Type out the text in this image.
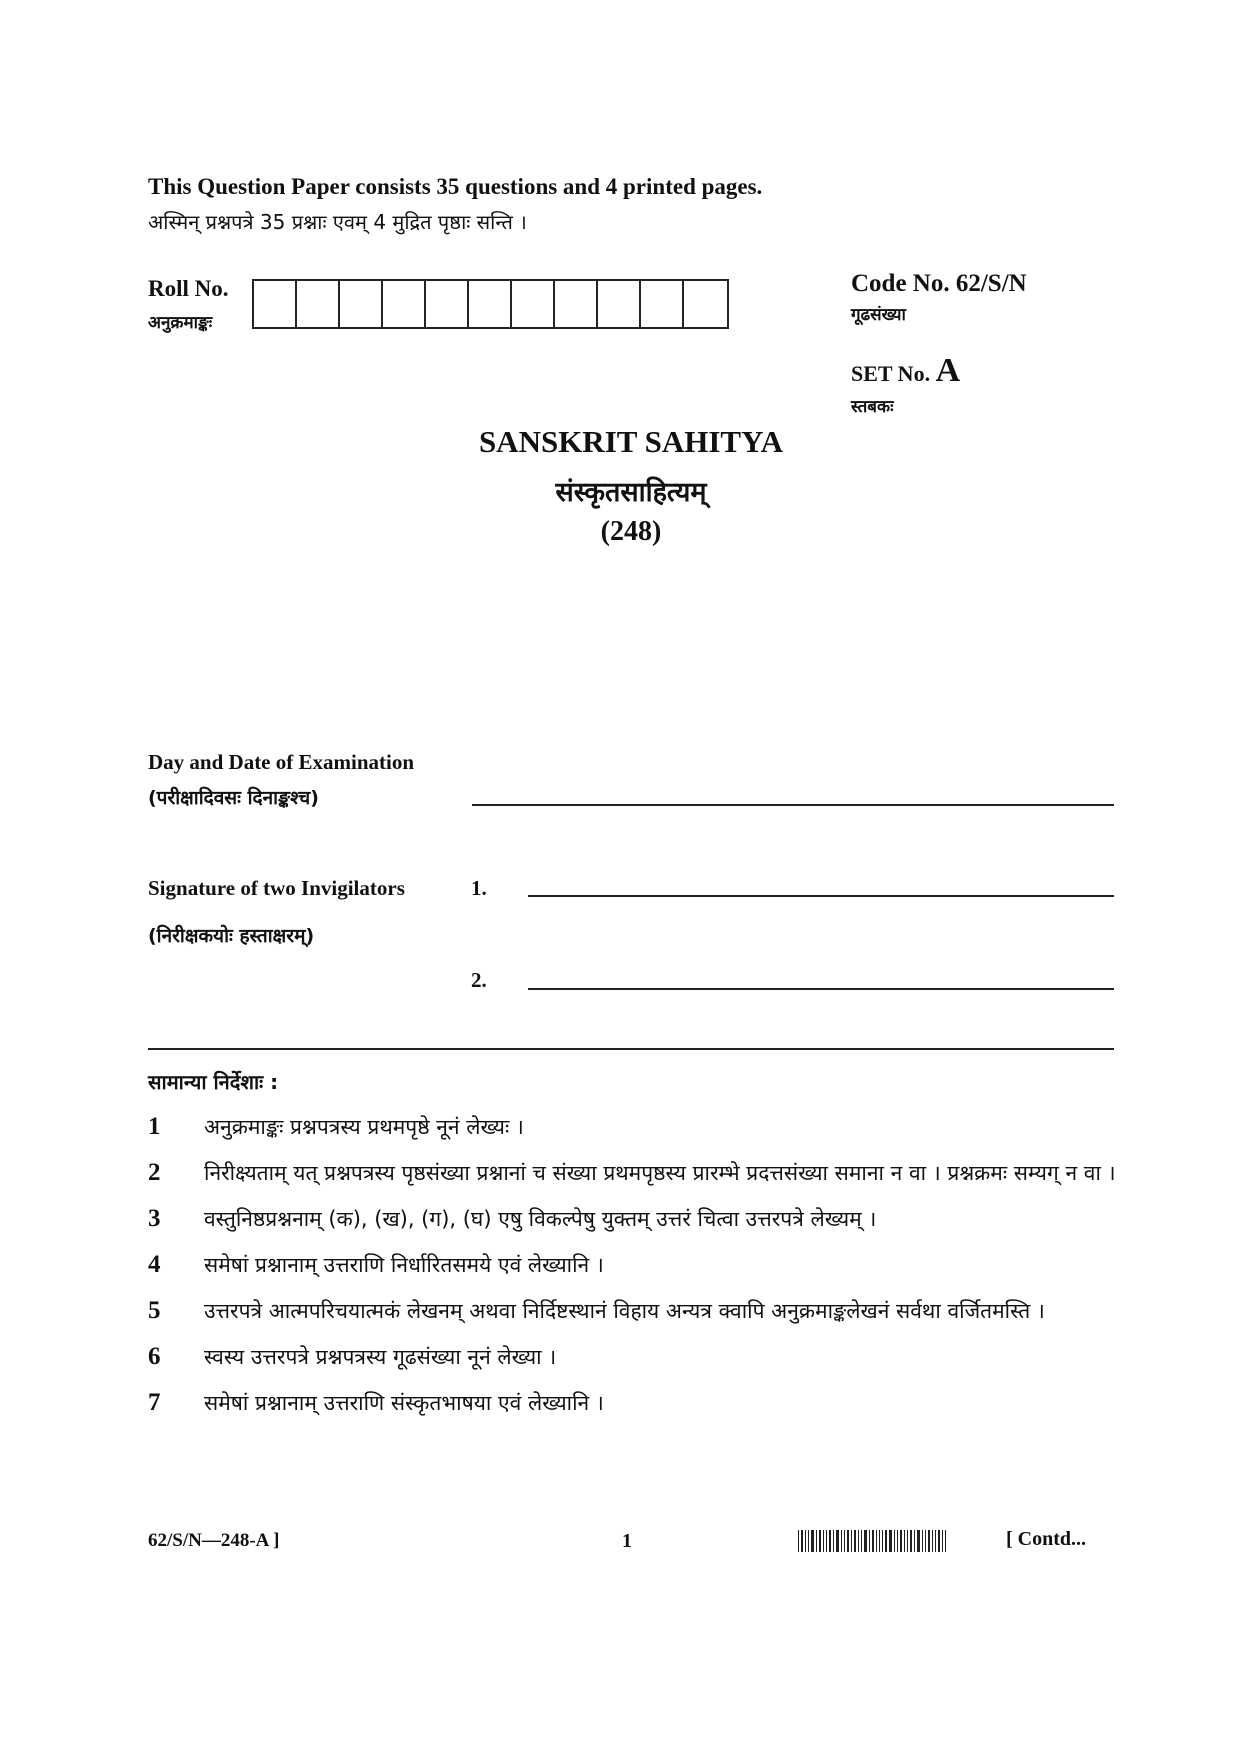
This Question Paper consists 35 questions and 4 printed pages.
अस्मिन् प्रश्नपत्रे 35 प्रश्नाः एवम् 4 मुद्रित पृष्ठाः सन्ति ।
Roll No.
अनुक्रमाङ्कः
Code No. 62/S/N
गूढसंख्या
SET No. A
स्तबकः
SANSKRIT SAHITYA
संस्कृतसाहित्यम्
(248)
Day and Date of Examination
(परीक्षादिवसः दिनाङ्कश्च)
Signature of two Invigilators	1.
(निरीक्षकयोः हस्ताक्षरम्)
2.
सामान्या निर्देशाः :
1	अनुक्रमाङ्कः प्रश्नपत्रस्य प्रथमपृष्ठे नूनं लेख्यः ।
2	निरीक्ष्यताम् यत् प्रश्नपत्रस्य पृष्ठसंख्या प्रश्नानां च संख्या प्रथमपृष्ठस्य प्रारम्भे प्रदत्तसंख्या समाना न वा । प्रश्नक्रमः सम्यग् न वा ।
3	वस्तुनिष्ठप्रश्ननाम् (क), (ख), (ग), (घ) एषु विकल्पेषु युक्तम् उत्तरं चित्वा उत्तरपत्रे लेख्यम् ।
4	समेषां प्रश्नानाम् उत्तराणि निर्धारितसमये एवं लेख्यानि ।
5	उत्तरपत्रे आत्मपरिचयात्मकं लेखनम् अथवा निर्दिष्टस्थानं विहाय अन्यत्र क्वापि अनुक्रमाङ्कलेखनं सर्वथा वर्जितमस्ति ।
6	स्वस्य उत्तरपत्रे प्रश्नपत्रस्य गूढसंख्या नूनं लेख्या ।
7	समेषां प्रश्नानाम् उत्तराणि संस्कृतभाषया एवं लेख्यानि ।
62/S/N—248-A ]	1	[ Contd...
